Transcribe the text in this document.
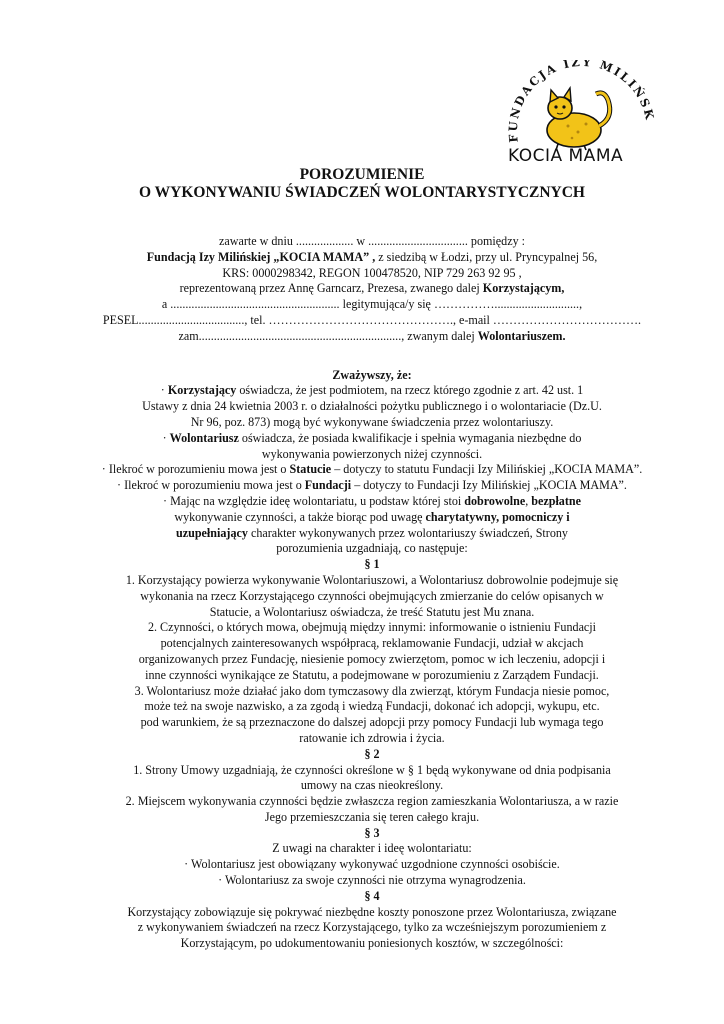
FUNDACJA IZY MILIŃSK
KOCIA MAMA

POROZUMIENIE

O WYKONYWANIU ŚWIADCZEŃ WOLONTARYSTYCZNYCH

zawarte w dniu ................... w ................................. pomiędzy :

Fundacją Izy Milińskiej „KOCIA MAMA” , z siedzibą w Łodzi, przy ul. Pryncypalnej 56,

KRS: 0000298342, REGON 100478520, NIP 729 263 92 95 ,

reprezentowaną przez Annę Garncarz, Prezesa, zwanego dalej Korzystającym,

a ........................................................ legitymująca/y się ……………............................,

PESEL..................................., tel. ………………………………………., e-mail ……………………………….

zam..................................................................., zwanym dalej Wolontariuszem.

Zważywszy, że:

· Korzystający oświadcza, że jest podmiotem, na rzecz którego zgodnie z art. 42 ust. 1

Ustawy z dnia 24 kwietnia 2003 r. o działalności pożytku publicznego i o wolontariacie (Dz.U.

Nr 96, poz. 873) mogą być wykonywane świadczenia przez wolontariuszy.

· Wolontariusz oświadcza, że posiada kwalifikacje i spełnia wymagania niezbędne do

wykonywania powierzonych niżej czynności.

· Ilekroć w porozumieniu mowa jest o Statucie – dotyczy to statutu Fundacji Izy Milińskiej „KOCIA MAMA”.

· Ilekroć w porozumieniu mowa jest o Fundacji – dotyczy to Fundacji Izy Milińskiej „KOCIA MAMA”.

· Mając na względzie ideę wolontariatu, u podstaw której stoi dobrowolne, bezpłatne

wykonywanie czynności, a także biorąc pod uwagę charytatywny, pomocniczy i

uzupełniający charakter wykonywanych przez wolontariuszy świadczeń, Strony

porozumienia uzgadniają, co następuje:

§ 1

1. Korzystający powierza wykonywanie Wolontariuszowi, a Wolontariusz dobrowolnie podejmuje się

wykonania na rzecz Korzystającego czynności obejmujących zmierzanie do celów opisanych w

Statucie, a Wolontariusz oświadcza, że treść Statutu jest Mu znana.

2. Czynności, o których mowa, obejmują między innymi: informowanie o istnieniu Fundacji

potencjalnych zainteresowanych współpracą, reklamowanie Fundacji, udział w akcjach

organizowanych przez Fundację, niesienie pomocy zwierzętom, pomoc w ich leczeniu, adopcji i

inne czynności wynikające ze Statutu, a podejmowane w porozumieniu z Zarządem Fundacji.

3. Wolontariusz może działać jako dom tymczasowy dla zwierząt, którym Fundacja niesie pomoc,

może też na swoje nazwisko, a za zgodą i wiedzą Fundacji, dokonać ich adopcji, wykupu, etc.

pod warunkiem, że są przeznaczone do dalszej adopcji przy pomocy Fundacji lub wymaga tego

ratowanie ich zdrowia i życia.

§ 2

1. Strony Umowy uzgadniają, że czynności określone w § 1 będą wykonywane od dnia podpisania

umowy na czas nieokreślony.

2. Miejscem wykonywania czynności będzie zwłaszcza region zamieszkania Wolontariusza, a w razie

Jego przemieszczania się teren całego kraju.

§ 3

Z uwagi na charakter i ideę wolontariatu:

· Wolontariusz jest obowiązany wykonywać uzgodnione czynności osobiście.

· Wolontariusz za swoje czynności nie otrzyma wynagrodzenia.

§ 4

Korzystający zobowiązuje się pokrywać niezbędne koszty ponoszone przez Wolontariusza, związane

z wykonywaniem świadczeń na rzecz Korzystającego, tylko za wcześniejszym porozumieniem z

Korzystającym, po udokumentowaniu poniesionych kosztów, w szczególności:
